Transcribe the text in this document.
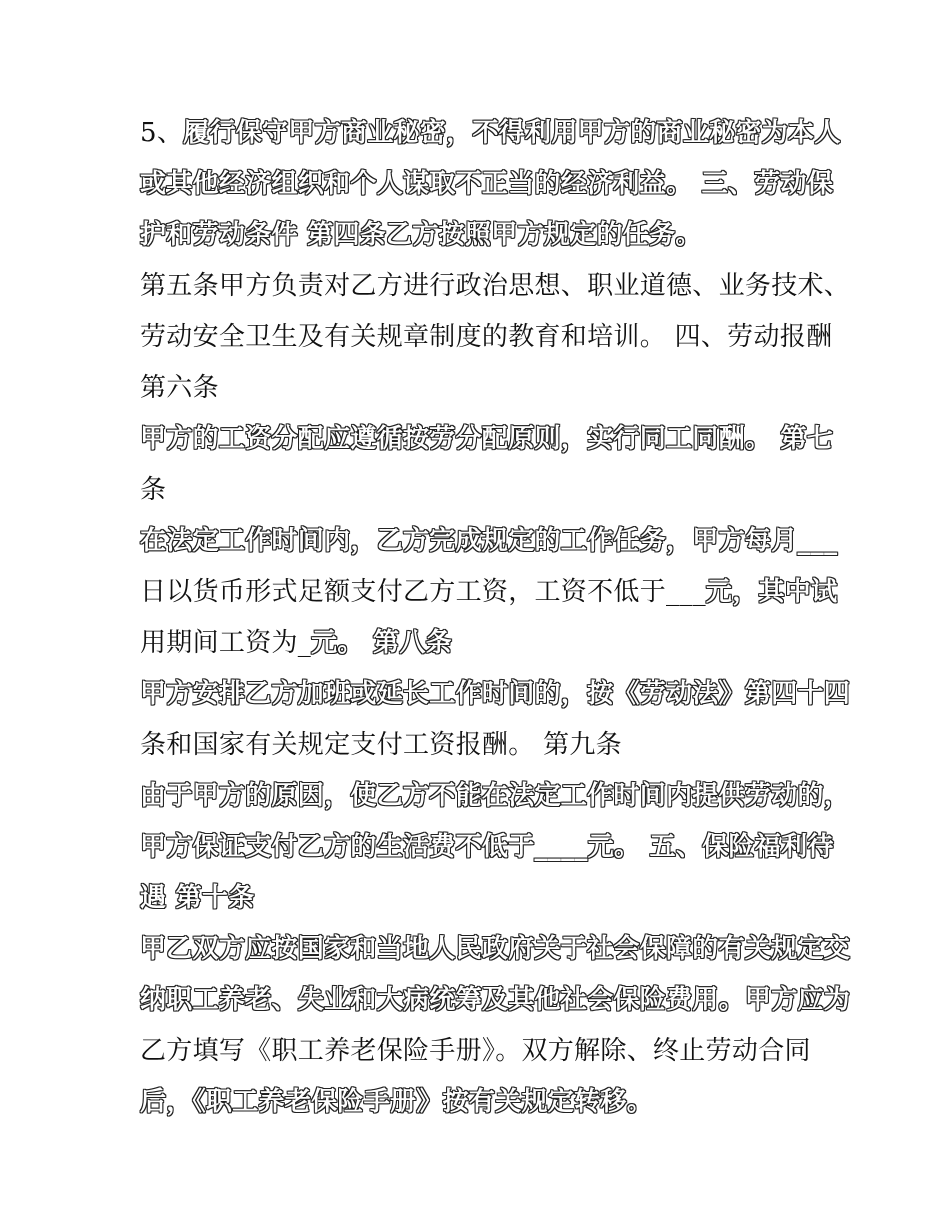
5、履行保守甲方商业秘密，不得利用甲方的商业秘密为本人
或其他经济组织和个人谋取不正当的经济利益。 三、劳动保
护和劳动条件 第四条乙方按照甲方规定的任务。
第五条甲方负责对乙方进行政治思想、职业道德、业务技术、
劳动安全卫生及有关规章制度的教育和培训。 四、劳动报酬
第六条
甲方的工资分配应遵循按劳分配原则，实行同工同酬。 第七
条
在法定工作时间内，乙方完成规定的工作任务，甲方每月___
日以货币形式足额支付乙方工资，工资不低于___元，其中试
用期间工资为_元。 第八条
甲方安排乙方加班或延长工作时间的，按《劳动法》第四十四
条和国家有关规定支付工资报酬。 第九条
由于甲方的原因，使乙方不能在法定工作时间内提供劳动的，
甲方保证支付乙方的生活费不低于____元。 五、保险福利待
遇 第十条
甲乙双方应按国家和当地人民政府关于社会保障的有关规定交
纳职工养老、失业和大病统筹及其他社会保险费用。甲方应为
乙方填写《职工养老保险手册》。双方解除、终止劳动合同
后，《职工养老保险手册》按有关规定转移。
